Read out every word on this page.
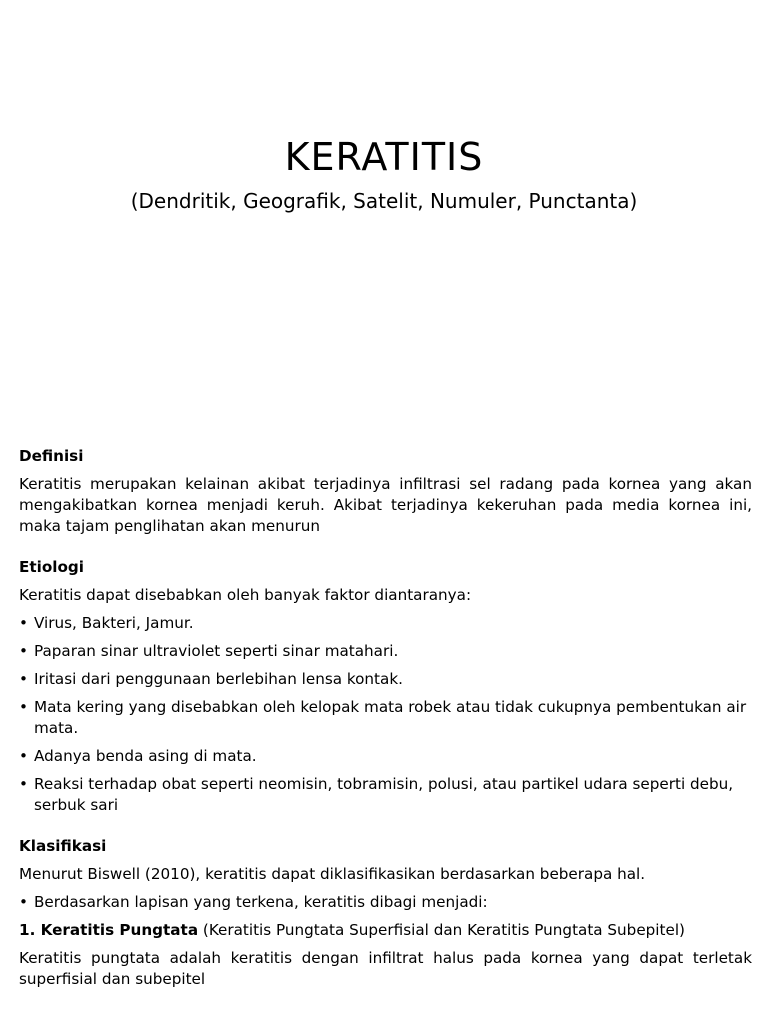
KERATITIS
(Dendritik, Geografik, Satelit, Numuler, Punctanta)
Definisi
Keratitis merupakan kelainan akibat terjadinya infiltrasi sel radang pada kornea yang akan mengakibatkan kornea menjadi keruh. Akibat terjadinya kekeruhan pada media kornea ini, maka tajam penglihatan akan menurun
Etiologi
Keratitis dapat disebabkan oleh banyak faktor diantaranya:
• Virus, Bakteri, Jamur.
• Paparan sinar ultraviolet seperti sinar matahari.
• Iritasi dari penggunaan berlebihan lensa kontak.
• Mata kering yang disebabkan oleh kelopak mata robek atau tidak cukupnya pembentukan air mata.
• Adanya benda asing di mata.
• Reaksi terhadap obat seperti neomisin, tobramisin, polusi, atau partikel udara seperti debu, serbuk sari
Klasifikasi
Menurut Biswell (2010), keratitis dapat diklasifikasikan berdasarkan beberapa hal.
• Berdasarkan lapisan yang terkena, keratitis dibagi menjadi:
1. Keratitis Pungtata (Keratitis Pungtata Superfisial dan Keratitis Pungtata Subepitel)
Keratitis pungtata adalah keratitis dengan infiltrat halus pada kornea yang dapat terletak superfisial dan subepitel
